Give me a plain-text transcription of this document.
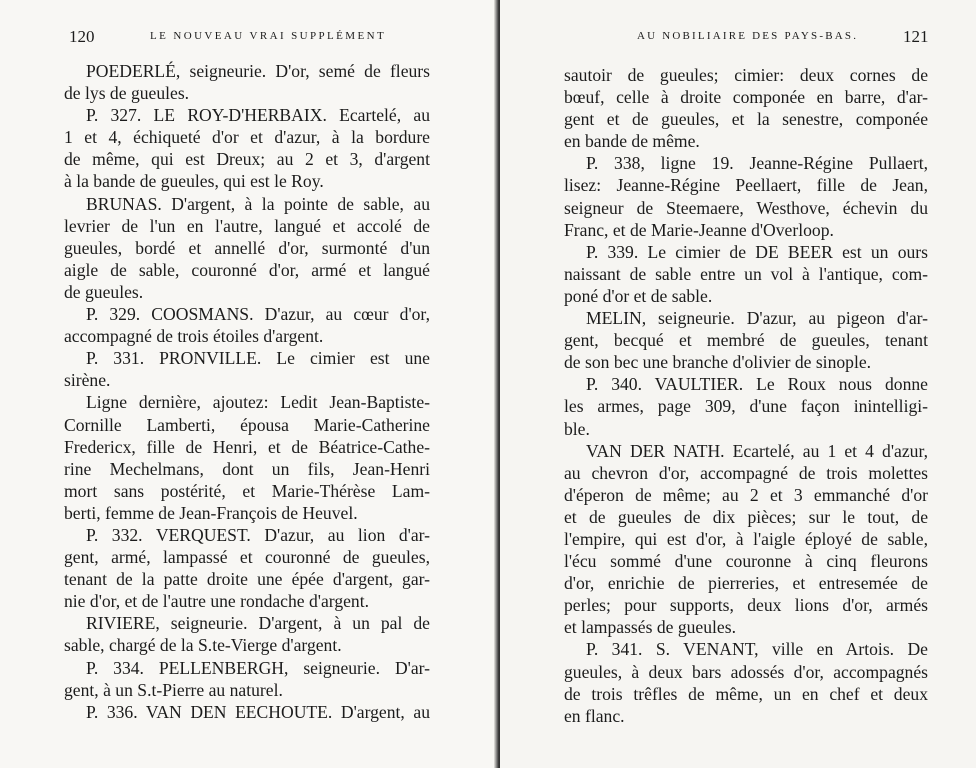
120	LE NOUVEAU VRAI SUPPLÉMENT
POEDERLÉ, seigneurie. D'or, semé de fleurs
de lys de gueules.
P. 327. LE ROY-D'HERBAIX. Ecartelé, au
1 et 4, échiqueté d'or et d'azur, à la bordure
de même, qui est Dreux; au 2 et 3, d'argent
à la bande de gueules, qui est le Roy.
BRUNAS. D'argent, à la pointe de sable, au
levrier de l'un en l'autre, langué et accolé de
gueules, bordé et annellé d'or, surmonté d'un
aigle de sable, couronné d'or, armé et langué
de gueules.
P. 329. COOSMANS. D'azur, au cœur d'or,
accompagné de trois étoiles d'argent.
P. 331. PRONVILLE. Le cimier est une
sirène.
Ligne dernière, ajoutez: Ledit Jean-Baptiste-
Cornille Lamberti, épousa Marie-Catherine
Fredericx, fille de Henri, et de Béatrice-Cathe-
rine Mechelmans, dont un fils, Jean-Henri
mort sans postérité, et Marie-Thérèse Lam-
berti, femme de Jean-François de Heuvel.
P. 332. VERQUEST. D'azur, au lion d'ar-
gent, armé, lampassé et couronné de gueules,
tenant de la patte droite une épée d'argent, gar-
nie d'or, et de l'autre une rondache d'argent.
RIVIERE, seigneurie. D'argent, à un pal de
sable, chargé de la S.te-Vierge d'argent.
P. 334. PELLENBERGH, seigneurie. D'ar-
gent, à un S.t-Pierre au naturel.
P. 336. VAN DEN EECHOUTE. D'argent, au
AU NOBILIAIRE DES PAYS-BAS.	121
sautoir de gueules; cimier: deux cornes de
bœuf, celle à droite componée en barre, d'ar-
gent et de gueules, et la senestre, componée
en bande de même.
P. 338, ligne 19. Jeanne-Régine Pullaert,
lisez: Jeanne-Régine Peellaert, fille de Jean,
seigneur de Steemaere, Westhove, échevin du
Franc, et de Marie-Jeanne d'Overloop.
P. 339. Le cimier de DE BEER est un ours
naissant de sable entre un vol à l'antique, com-
poné d'or et de sable.
MELIN, seigneurie. D'azur, au pigeon d'ar-
gent, becqué et membré de gueules, tenant
de son bec une branche d'olivier de sinople.
P. 340. VAULTIER. Le Roux nous donne
les armes, page 309, d'une façon inintelligi-
ble.
VAN DER NATH. Ecartelé, au 1 et 4 d'azur,
au chevron d'or, accompagné de trois molettes
d'éperon de même; au 2 et 3 emmanché d'or
et de gueules de dix pièces; sur le tout, de
l'empire, qui est d'or, à l'aigle éployé de sable,
l'écu sommé d'une couronne à cinq fleurons
d'or, enrichie de pierreries, et entresemée de
perles; pour supports, deux lions d'or, armés
et lampassés de gueules.
P. 341. S. VENANT, ville en Artois. De
gueules, à deux bars adossés d'or, accompagnés
de trois trêfles de même, un en chef et deux
en flanc.
